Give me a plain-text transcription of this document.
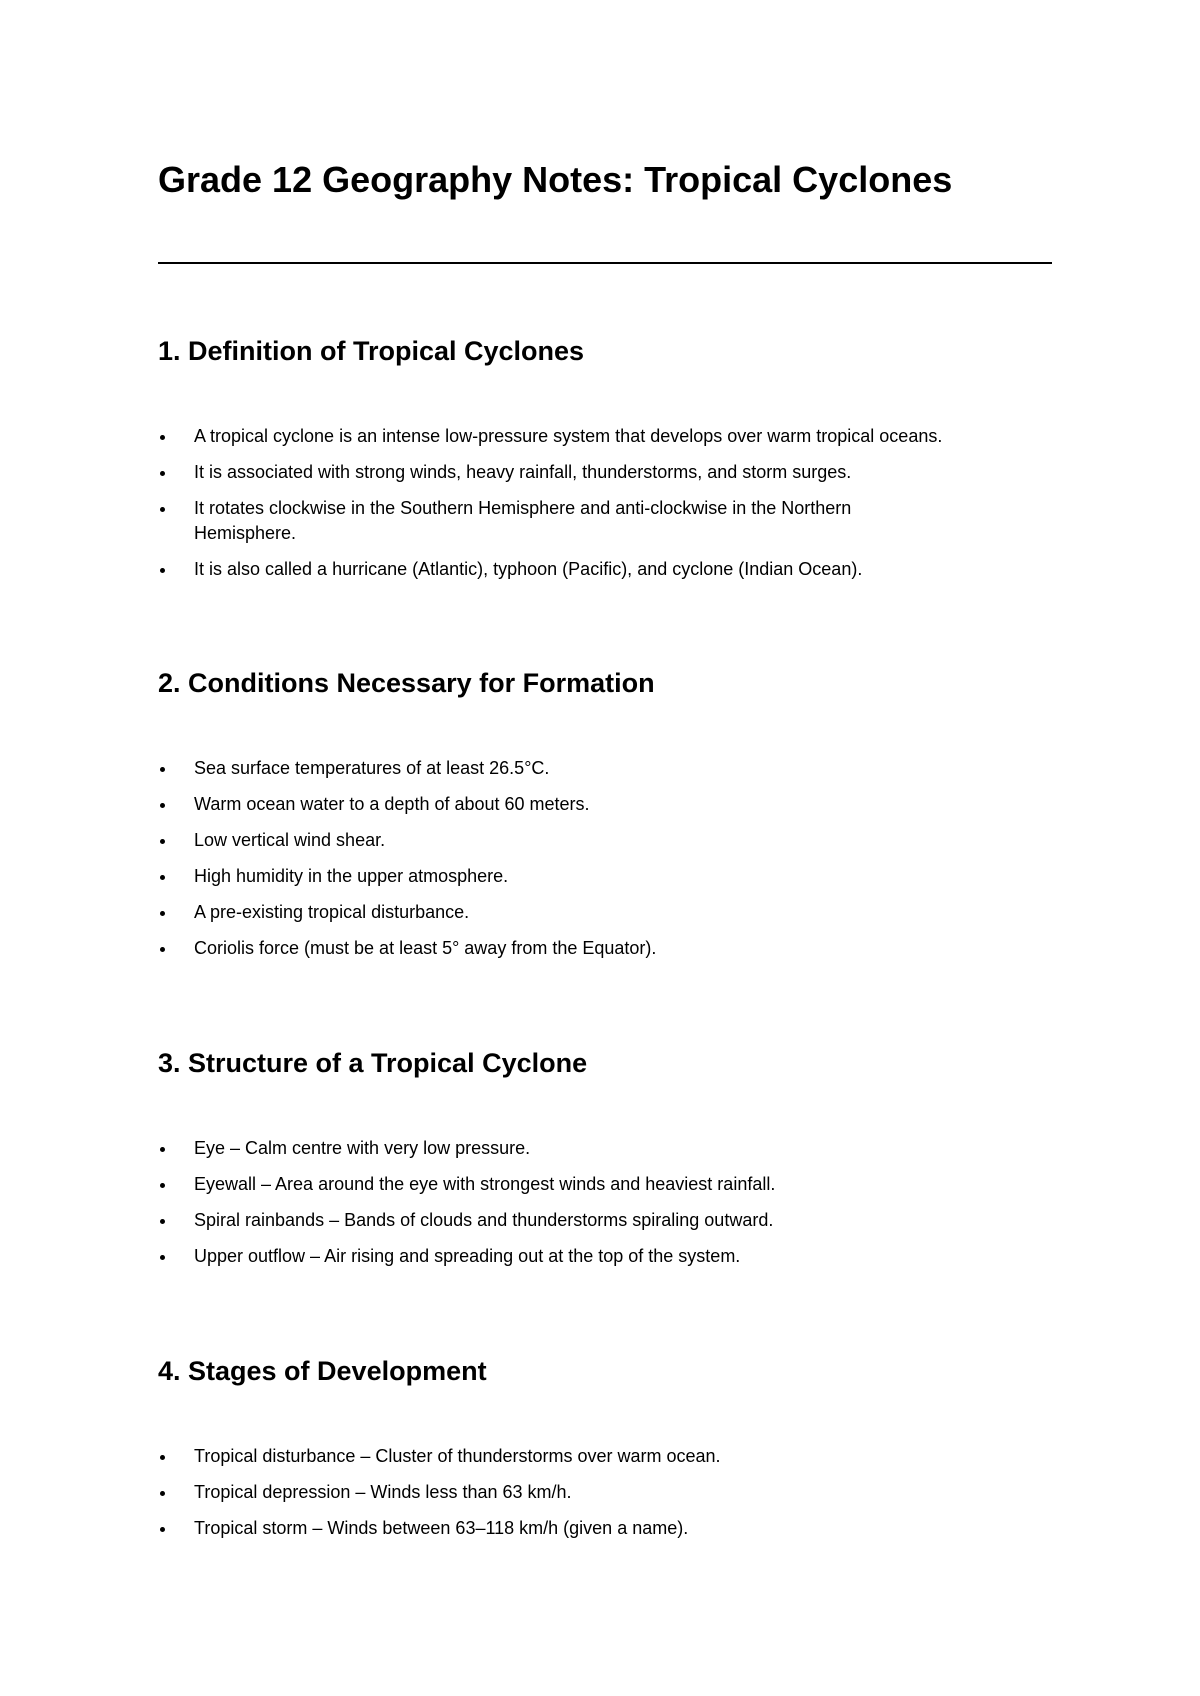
Grade 12 Geography Notes: Tropical Cyclones
1. Definition of Tropical Cyclones
A tropical cyclone is an intense low-pressure system that develops over warm tropical oceans.
It is associated with strong winds, heavy rainfall, thunderstorms, and storm surges.
It rotates clockwise in the Southern Hemisphere and anti-clockwise in the Northern Hemisphere.
It is also called a hurricane (Atlantic), typhoon (Pacific), and cyclone (Indian Ocean).
2. Conditions Necessary for Formation
Sea surface temperatures of at least 26.5°C.
Warm ocean water to a depth of about 60 meters.
Low vertical wind shear.
High humidity in the upper atmosphere.
A pre-existing tropical disturbance.
Coriolis force (must be at least 5° away from the Equator).
3. Structure of a Tropical Cyclone
Eye – Calm centre with very low pressure.
Eyewall – Area around the eye with strongest winds and heaviest rainfall.
Spiral rainbands – Bands of clouds and thunderstorms spiraling outward.
Upper outflow – Air rising and spreading out at the top of the system.
4. Stages of Development
Tropical disturbance – Cluster of thunderstorms over warm ocean.
Tropical depression – Winds less than 63 km/h.
Tropical storm – Winds between 63–118 km/h (given a name).
